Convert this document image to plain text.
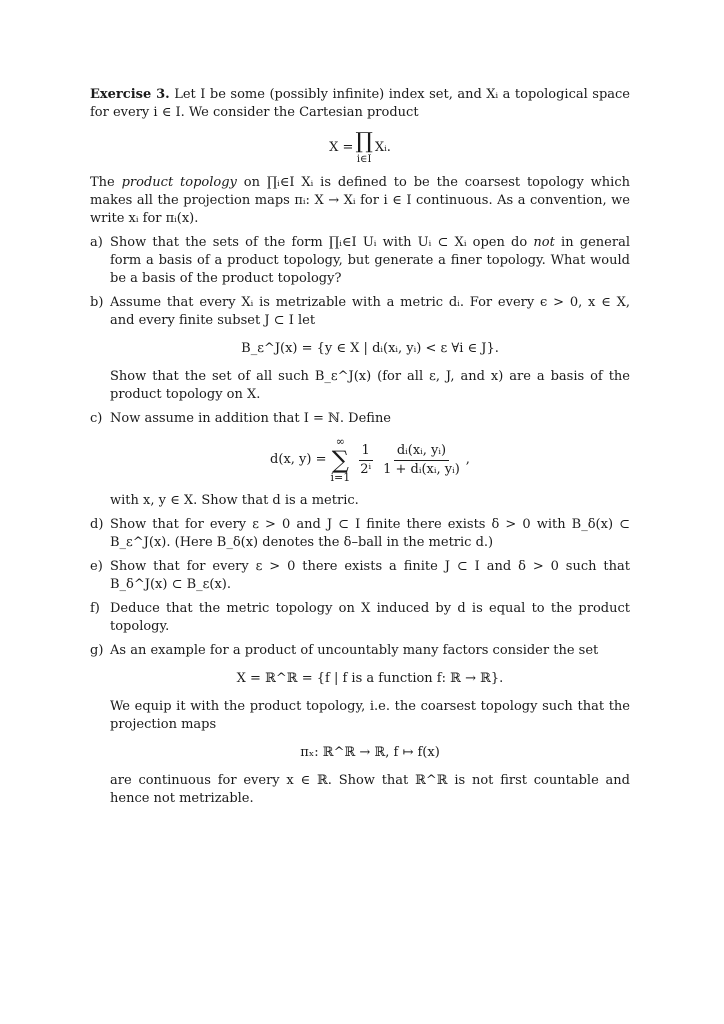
Exercise 3. Let I be some (possibly infinite) index set, and Xᵢ a topological space for every i ∈ I. We consider the Cartesian product

X = ∏
i∈I
Xᵢ.

The product topology on ∏ᵢ∈I Xᵢ is defined to be the coarsest topology which makes all the projection maps πᵢ: X → Xᵢ for i ∈ I continuous. As a convention, we write xᵢ for πᵢ(x).

a) Show that the sets of the form ∏ᵢ∈I Uᵢ with Uᵢ ⊂ Xᵢ open do not in general form a basis of a product topology, but generate a finer topology. What would be a basis of the product topology?

b) Assume that every Xᵢ is metrizable with a metric dᵢ. For every ϵ > 0, x ∈ X, and every finite subset J ⊂ I let

B_ε^J(x) = {y ∈ X | dᵢ(xᵢ, yᵢ) < ε ∀i ∈ J}.

Show that the set of all such B_ε^J(x) (for all ε, J, and x) are a basis of the product topology on X.

c) Now assume in addition that I = ℕ. Define

d(x, y) =
∞
∑
$i=1 \frac{1}{\text{2ⁱ}} \frac{\text{dᵢ(xᵢ, yᵢ)}}{\text{1 + dᵢ(xᵢ, yᵢ)}}$ ,

with x, y ∈ X. Show that d is a metric.

d) Show that for every ε > 0 and J ⊂ I finite there exists δ > 0 with B_δ(x) ⊂ B_ε^J(x). (Here B_δ(x) denotes the δ–ball in the metric d.)

e) Show that for every ε > 0 there exists a finite J ⊂ I and δ > 0 such that B_δ^J(x) ⊂ B_ε(x).

f) Deduce that the metric topology on X induced by d is equal to the product topology.

g) As an example for a product of uncountably many factors consider the set

X = ℝ^ℝ = {f | f is a function f: ℝ → ℝ}.

We equip it with the product topology, i.e. the coarsest topology such that the projection maps

πₓ: ℝ^ℝ → ℝ, f ↦ f(x)

are continuous for every x ∈ ℝ. Show that ℝ^ℝ is not first countable and hence not metrizable.
